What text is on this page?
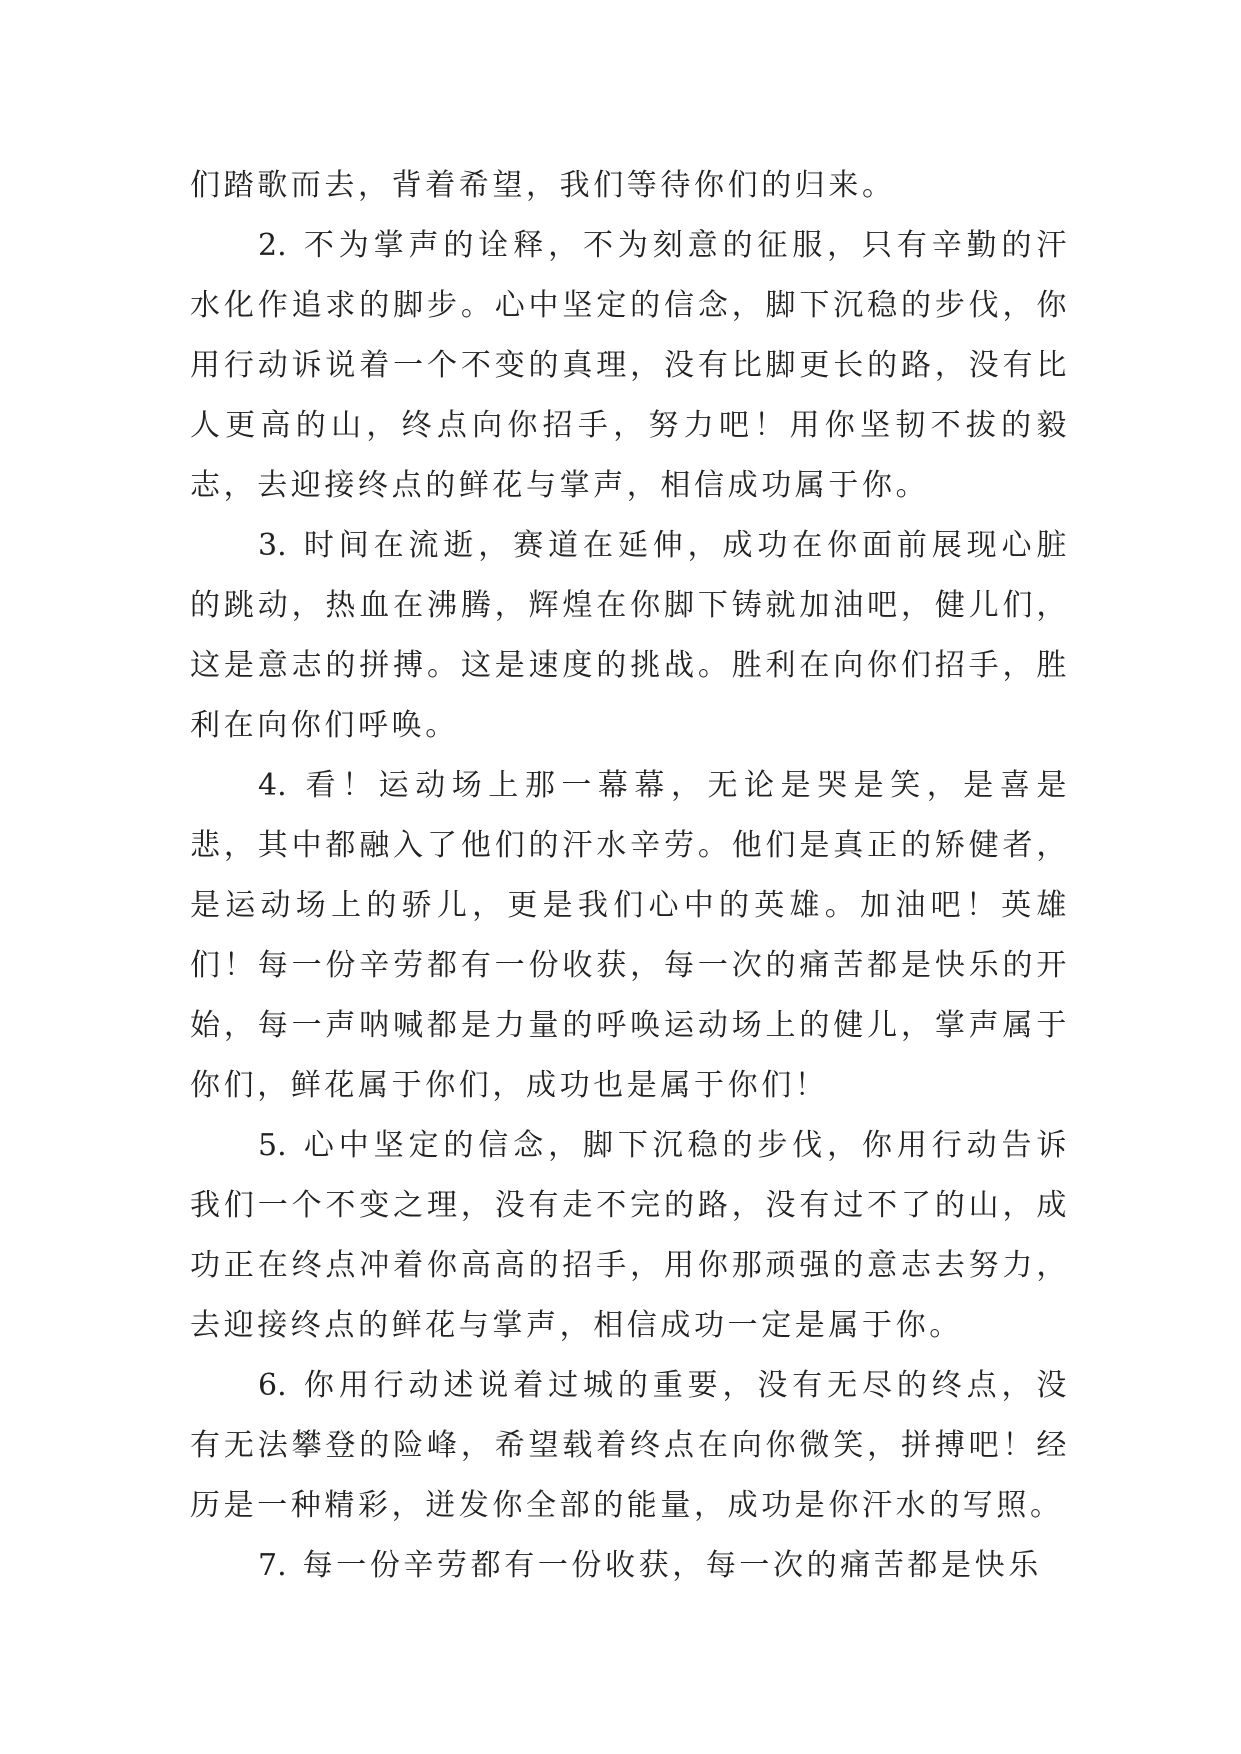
们踏歌而去，背着希望，我们等待你们的归来。

2. 不为掌声的诠释，不为刻意的征服，只有辛勤的汗水化作追求的脚步。心中坚定的信念，脚下沉稳的步伐，你用行动诉说着一个不变的真理，没有比脚更长的路，没有比人更高的山，终点向你招手，努力吧！用你坚韧不拔的毅志，去迎接终点的鲜花与掌声，相信成功属于你。

3. 时间在流逝，赛道在延伸，成功在你面前展现心脏的跳动，热血在沸腾，辉煌在你脚下铸就加油吧，健儿们，这是意志的拼搏。这是速度的挑战。胜利在向你们招手，胜利在向你们呼唤。

4. 看！运动场上那一幕幕，无论是哭是笑，是喜是悲，其中都融入了他们的汗水辛劳。他们是真正的矫健者，是运动场上的骄儿，更是我们心中的英雄。加油吧！英雄们！每一份辛劳都有一份收获，每一次的痛苦都是快乐的开始，每一声呐喊都是力量的呼唤运动场上的健儿，掌声属于你们，鲜花属于你们，成功也是属于你们！

5. 心中坚定的信念，脚下沉稳的步伐，你用行动告诉我们一个不变之理，没有走不完的路，没有过不了的山，成功正在终点冲着你高高的招手，用你那顽强的意志去努力，去迎接终点的鲜花与掌声，相信成功一定是属于你。

6. 你用行动述说着过城的重要，没有无尽的终点，没有无法攀登的险峰，希望载着终点在向你微笑，拼搏吧！经历是一种精彩，迸发你全部的能量，成功是你汗水的写照。

7. 每一份辛劳都有一份收获，每一次的痛苦都是快乐
